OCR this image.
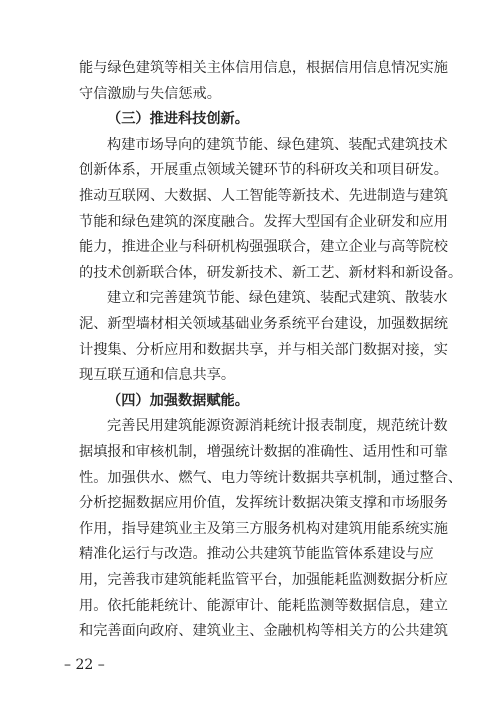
能与绿色建筑等相关主体信用信息，根据信用信息情况实施
守信激励与失信惩戒。
（三）推进科技创新。
构建市场导向的建筑节能、绿色建筑、装配式建筑技术
创新体系，开展重点领域关键环节的科研攻关和项目研发。
推动互联网、大数据、人工智能等新技术、先进制造与建筑
节能和绿色建筑的深度融合。发挥大型国有企业研发和应用
能力，推进企业与科研机构强强联合，建立企业与高等院校
的技术创新联合体，研发新技术、新工艺、新材料和新设备。
建立和完善建筑节能、绿色建筑、装配式建筑、散装水
泥、新型墙材相关领域基础业务系统平台建设，加强数据统
计搜集、分析应用和数据共享，并与相关部门数据对接，实
现互联互通和信息共享。
（四）加强数据赋能。
完善民用建筑能源资源消耗统计报表制度，规范统计数
据填报和审核机制，增强统计数据的准确性、适用性和可靠
性。加强供水、燃气、电力等统计数据共享机制，通过整合、
分析挖掘数据应用价值，发挥统计数据决策支撑和市场服务
作用，指导建筑业主及第三方服务机构对建筑用能系统实施
精准化运行与改造。推动公共建筑节能监管体系建设与应
– 22 –
用，完善我市建筑能耗监管平台，加强能耗监测数据分析应
用。依托能耗统计、能源审计、能耗监测等数据信息，建立
和完善面向政府、建筑业主、金融机构等相关方的公共建筑
